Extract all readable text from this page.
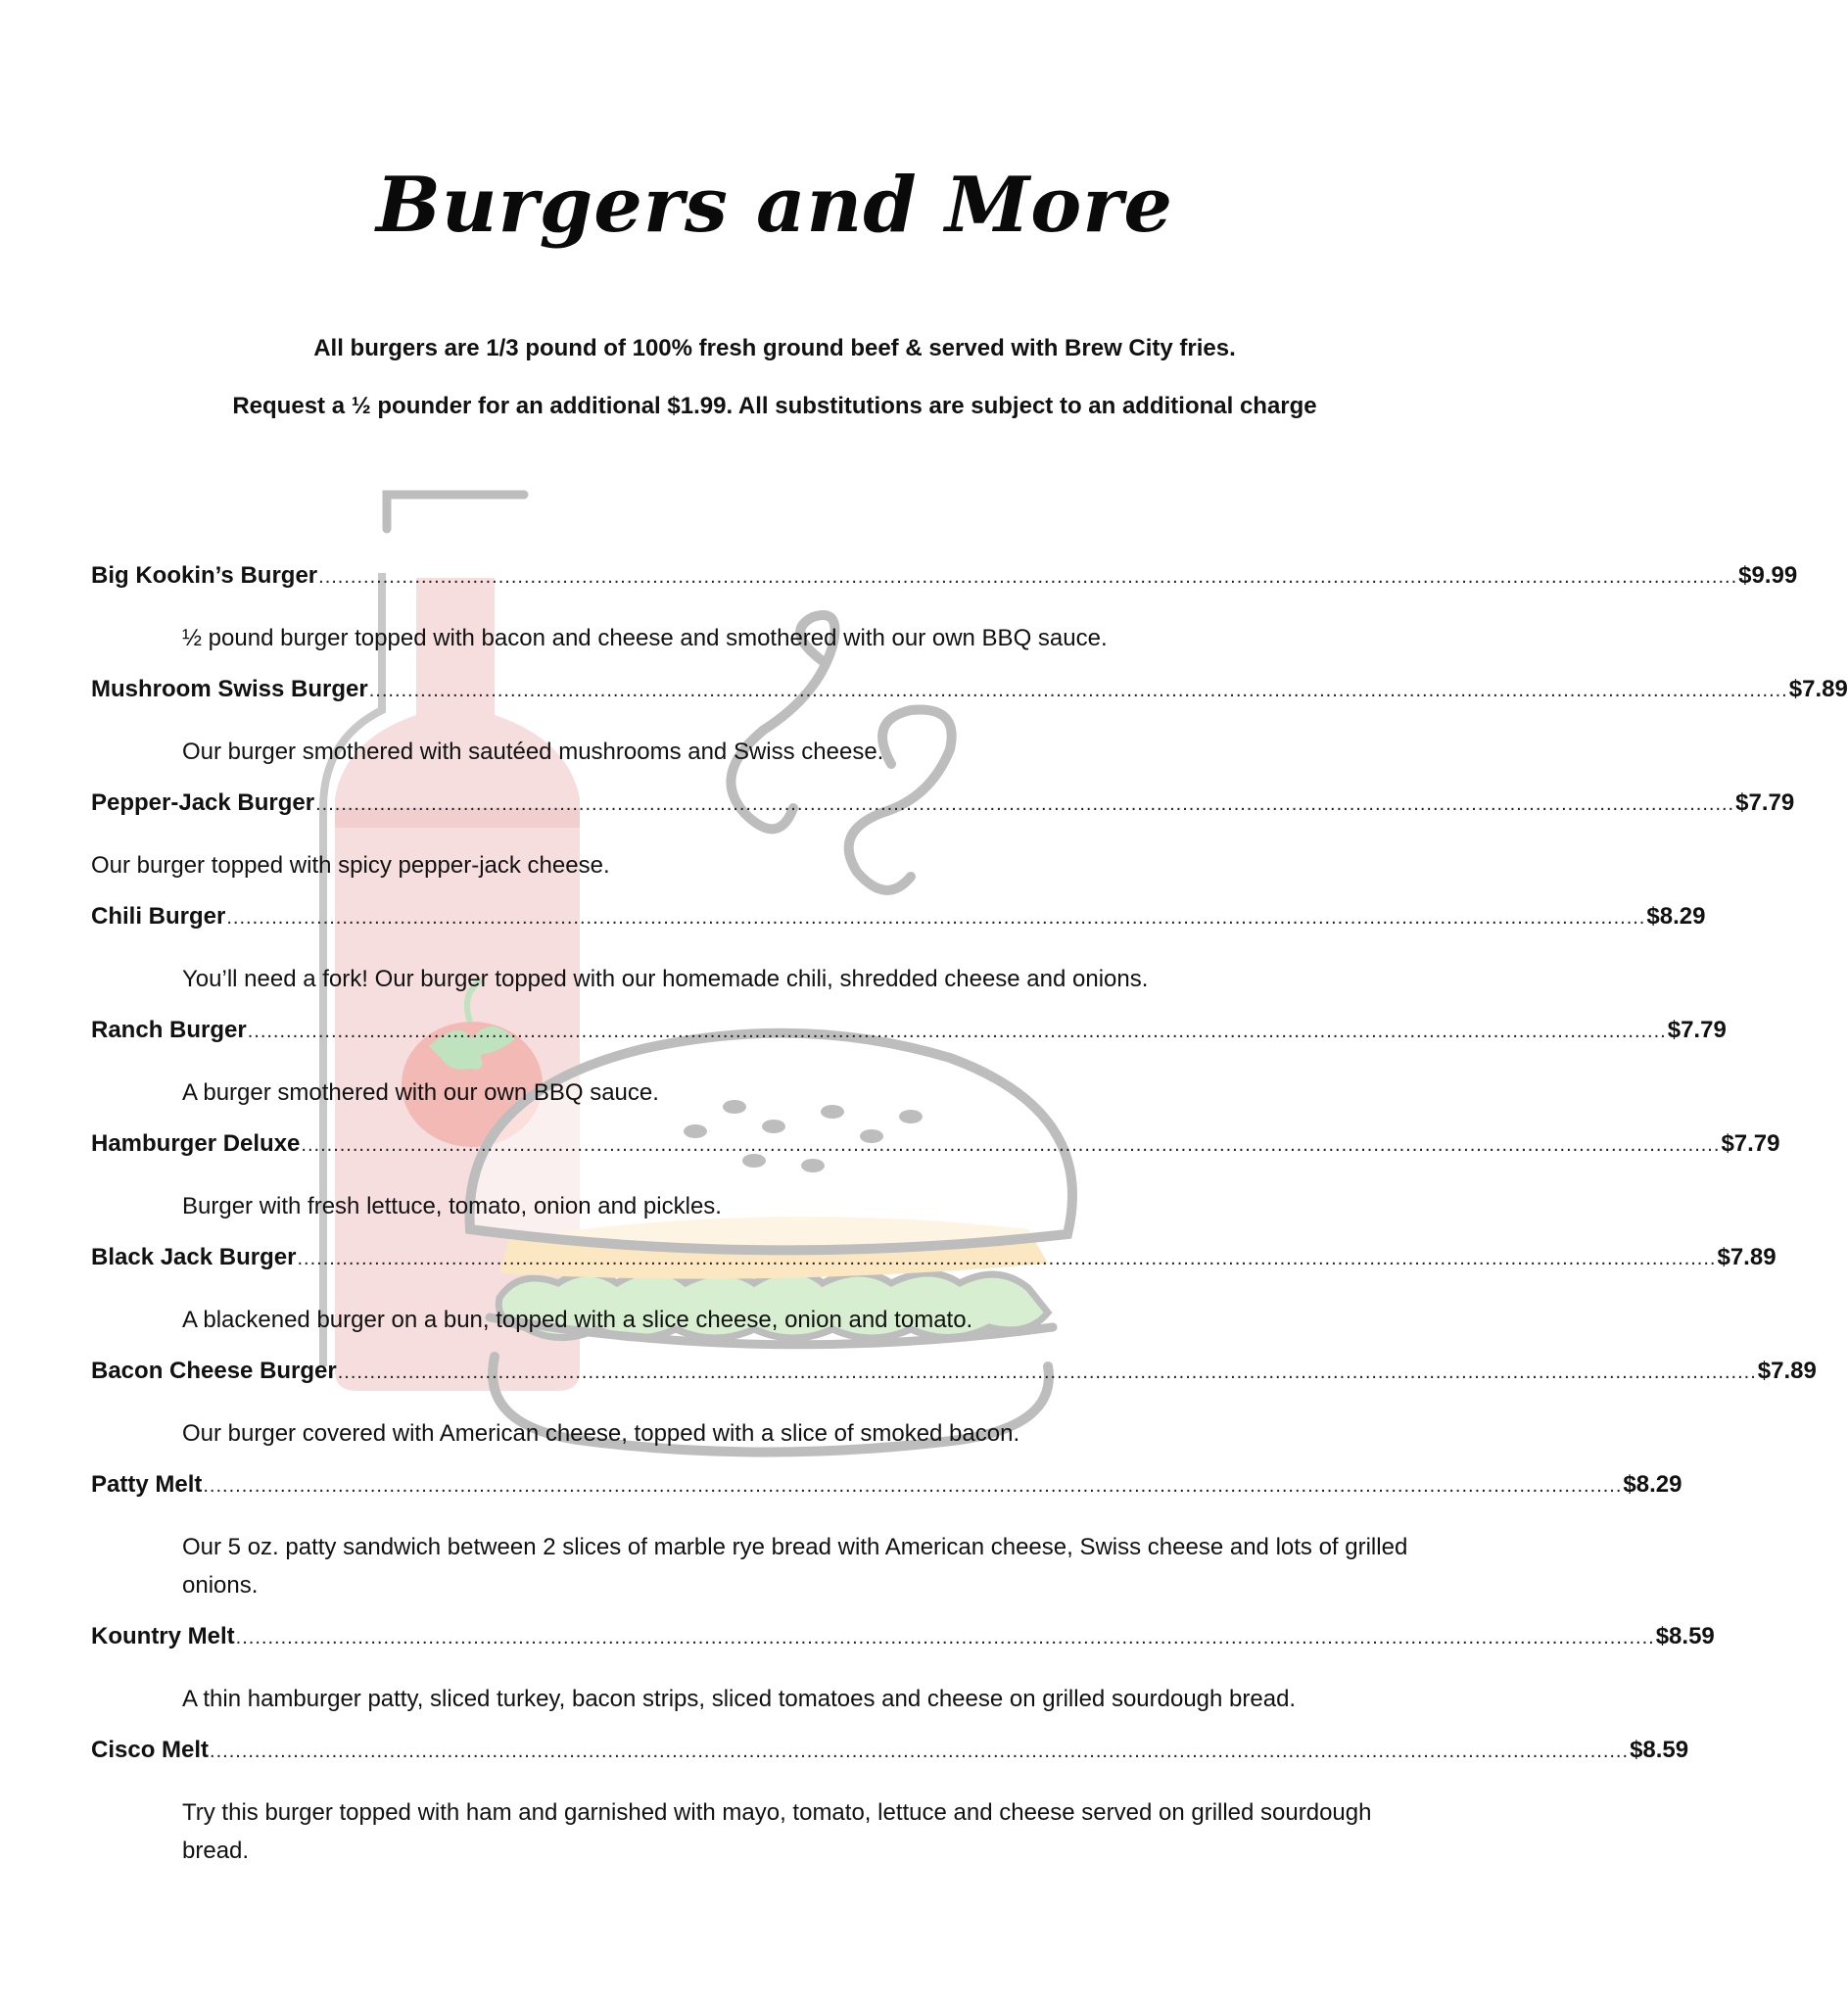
Burgers and More
All burgers are 1/3 pound of 100% fresh ground beef & served with Brew City fries.
Request a ½ pounder for an additional $1.99. All substitutions are subject to an additional charge
Big Kookin’s Burger ............................................................................................................................................................................................................................. $9.99
½ pound burger topped with bacon and cheese and smothered with our own BBQ sauce.
Mushroom Swiss Burger ............................................................................................................................................................................................................................. $7.89
Our burger smothered with sautéed mushrooms and Swiss cheese.
Pepper-Jack Burger ............................................................................................................................................................................................................................. $7.79
Our burger topped with spicy pepper-jack cheese.
Chili Burger ............................................................................................................................................................................................................................. $8.29
You’ll need a fork! Our burger topped with our homemade chili, shredded cheese and onions.
Ranch Burger ............................................................................................................................................................................................................................. $7.79
A burger smothered with our own BBQ sauce.
Hamburger Deluxe ............................................................................................................................................................................................................................. $7.79
Burger with fresh lettuce, tomato, onion and pickles.
Black Jack Burger ............................................................................................................................................................................................................................. $7.89
A blackened burger on a bun, topped with a slice cheese, onion and tomato.
Bacon Cheese Burger ............................................................................................................................................................................................................................. $7.89
Our burger covered with American cheese, topped with a slice of smoked bacon.
Patty Melt ............................................................................................................................................................................................................................. $8.29
Our 5 oz. patty sandwich between 2 slices of marble rye bread with American cheese, Swiss cheese and lots of grilled onions.
Kountry Melt ............................................................................................................................................................................................................................. $8.59
A thin hamburger patty, sliced turkey, bacon strips, sliced tomatoes and cheese on grilled sourdough bread.
Cisco Melt ............................................................................................................................................................................................................................. $8.59
Try this burger topped with ham and garnished with mayo, tomato, lettuce and cheese served on grilled sourdough bread.
